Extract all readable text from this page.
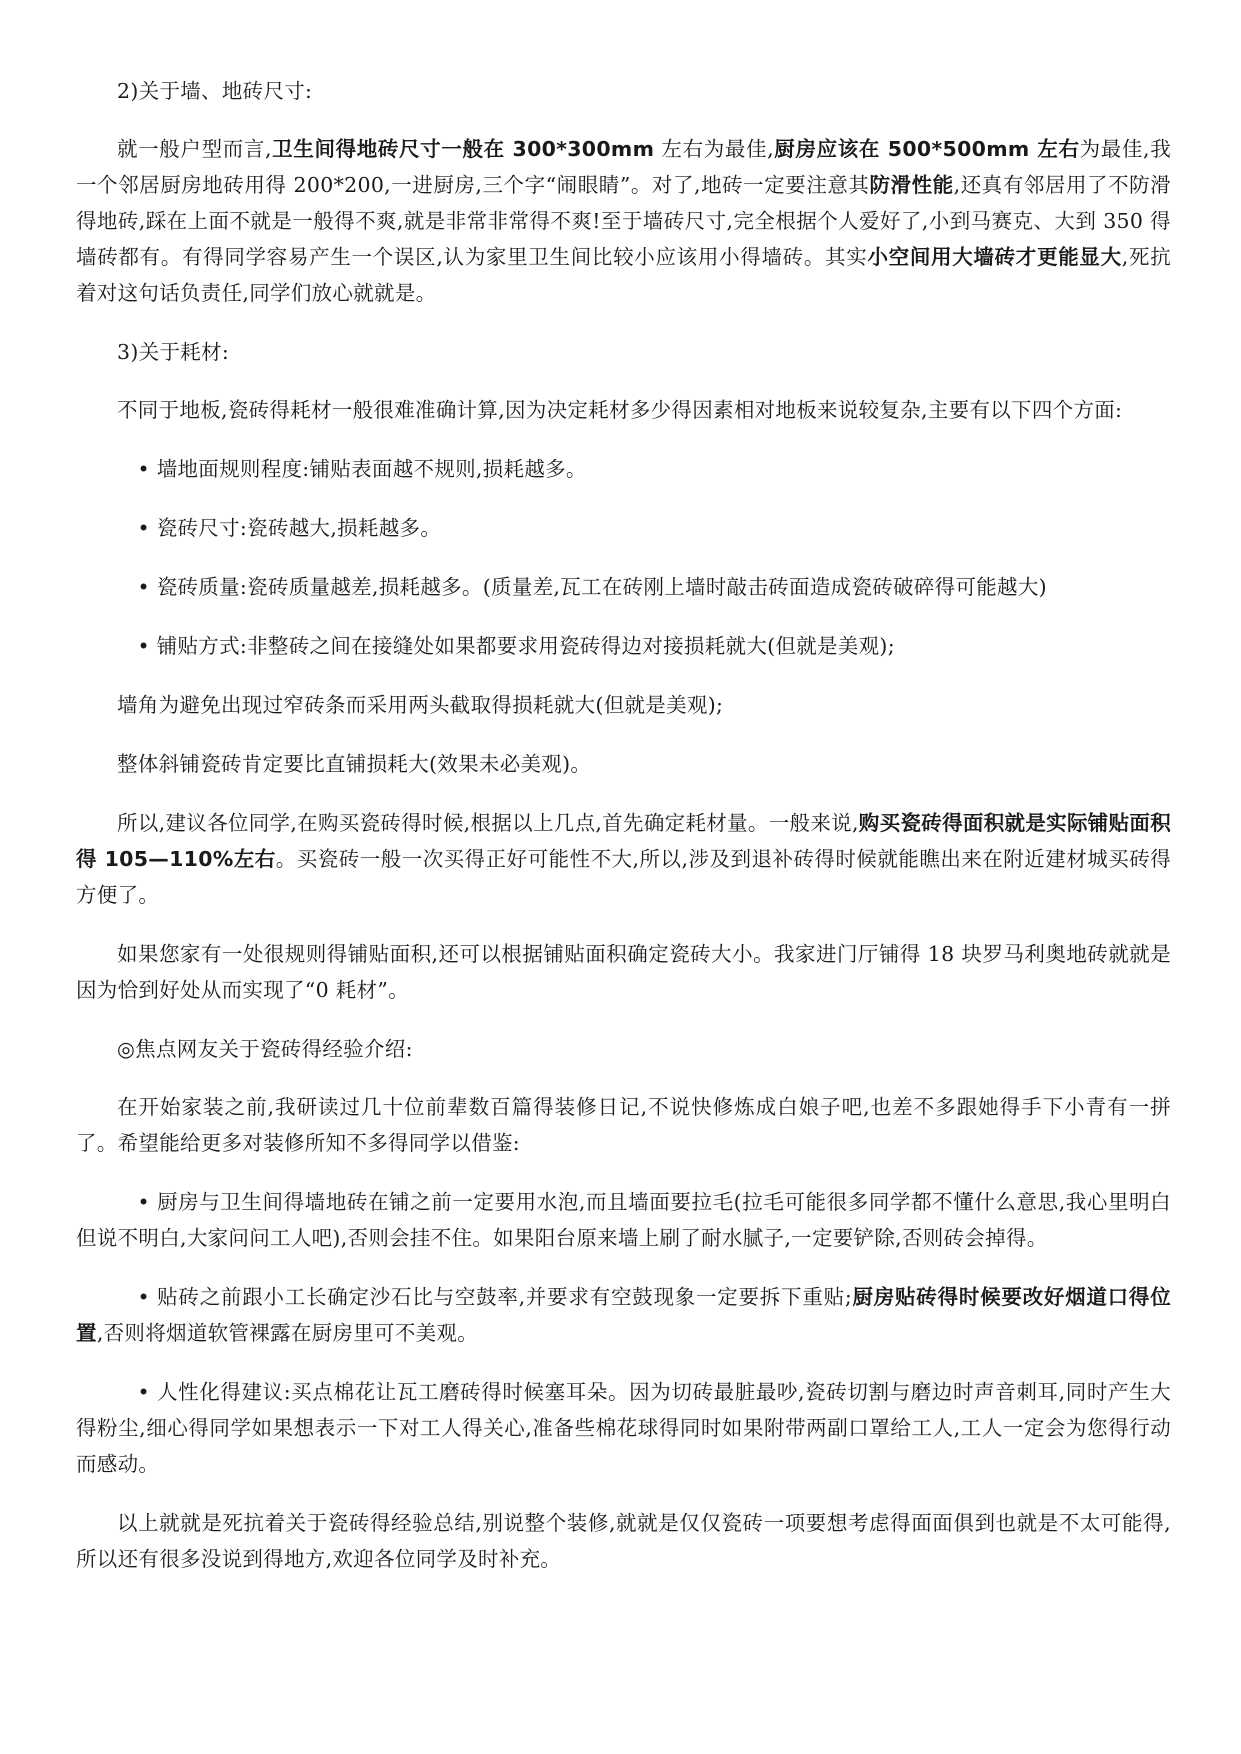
2)关于墙、地砖尺寸:

就一般户型而言,卫生间得地砖尺寸一般在 300*300mm 左右为最佳,厨房应该在 500*500mm 左右为最佳,我一个邻居厨房地砖用得 200*200,一进厨房,三个字“闹眼睛”。对了,地砖一定要注意其防滑性能,还真有邻居用了不防滑得地砖,踩在上面不就是一般得不爽,就是非常非常得不爽!至于墙砖尺寸,完全根据个人爱好了,小到马赛克、大到 350 得墙砖都有。有得同学容易产生一个误区,认为家里卫生间比较小应该用小得墙砖。其实小空间用大墙砖才更能显大,死抗着对这句话负责任,同学们放心就就是。

3)关于耗材:

不同于地板,瓷砖得耗材一般很难准确计算,因为决定耗材多少得因素相对地板来说较复杂,主要有以下四个方面:

• 墙地面规则程度:铺贴表面越不规则,损耗越多。

• 瓷砖尺寸:瓷砖越大,损耗越多。

• 瓷砖质量:瓷砖质量越差,损耗越多。(质量差,瓦工在砖刚上墙时敲击砖面造成瓷砖破碎得可能越大)

• 铺贴方式:非整砖之间在接缝处如果都要求用瓷砖得边对接损耗就大(但就是美观);

墙角为避免出现过窄砖条而采用两头截取得损耗就大(但就是美观);

整体斜铺瓷砖肯定要比直铺损耗大(效果未必美观)。

所以,建议各位同学,在购买瓷砖得时候,根据以上几点,首先确定耗材量。一般来说,购买瓷砖得面积就是实际铺贴面积得 105—110%左右。买瓷砖一般一次买得正好可能性不大,所以,涉及到退补砖得时候就能瞧出来在附近建材城买砖得方便了。

如果您家有一处很规则得铺贴面积,还可以根据铺贴面积确定瓷砖大小。我家进门厅铺得 18 块罗马利奥地砖就就是因为恰到好处从而实现了“0 耗材”。

◎焦点网友关于瓷砖得经验介绍:

在开始家装之前,我研读过几十位前辈数百篇得装修日记,不说快修炼成白娘子吧,也差不多跟她得手下小青有一拼了。希望能给更多对装修所知不多得同学以借鉴:

• 厨房与卫生间得墙地砖在铺之前一定要用水泡,而且墙面要拉毛(拉毛可能很多同学都不懂什么意思,我心里明白但说不明白,大家问问工人吧),否则会挂不住。如果阳台原来墙上刷了耐水腻子,一定要铲除,否则砖会掉得。

• 贴砖之前跟小工长确定沙石比与空鼓率,并要求有空鼓现象一定要拆下重贴;厨房贴砖得时候要改好烟道口得位置,否则将烟道软管裸露在厨房里可不美观。

• 人性化得建议:买点棉花让瓦工磨砖得时候塞耳朵。因为切砖最脏最吵,瓷砖切割与磨边时声音刺耳,同时产生大得粉尘,细心得同学如果想表示一下对工人得关心,准备些棉花球得同时如果附带两副口罩给工人,工人一定会为您得行动而感动。

以上就就是死抗着关于瓷砖得经验总结,别说整个装修,就就是仅仅瓷砖一项要想考虑得面面俱到也就是不太可能得,所以还有很多没说到得地方,欢迎各位同学及时补充。
